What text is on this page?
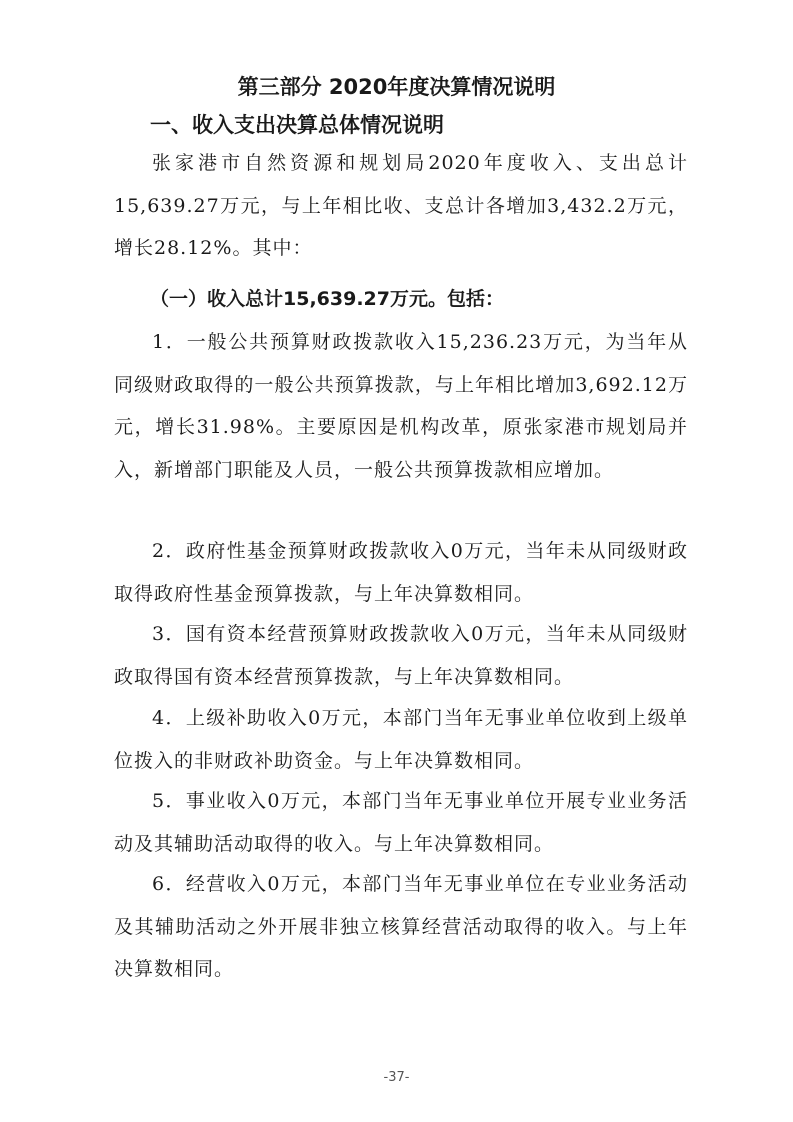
第三部分 2020年度决算情况说明
一、收入支出决算总体情况说明

张家港市自然资源和规划局2020年度收入、支出总计15,639.27万元，与上年相比收、支总计各增加3,432.2万元，增长28.12%。其中：

（一）收入总计15,639.27万元。包括：

1．一般公共预算财政拨款收入15,236.23万元，为当年从同级财政取得的一般公共预算拨款，与上年相比增加3,692.12万元，增长31.98%。主要原因是机构改革，原张家港市规划局并入，新增部门职能及人员，一般公共预算拨款相应增加。

2．政府性基金预算财政拨款收入0万元，当年未从同级财政取得政府性基金预算拨款，与上年决算数相同。

3．国有资本经营预算财政拨款收入0万元，当年未从同级财政取得国有资本经营预算拨款，与上年决算数相同。

4．上级补助收入0万元，本部门当年无事业单位收到上级单位拨入的非财政补助资金。与上年决算数相同。

5．事业收入0万元，本部门当年无事业单位开展专业业务活动及其辅助活动取得的收入。与上年决算数相同。

6．经营收入0万元，本部门当年无事业单位在专业业务活动及其辅助活动之外开展非独立核算经营活动取得的收入。与上年决算数相同。

-37-
